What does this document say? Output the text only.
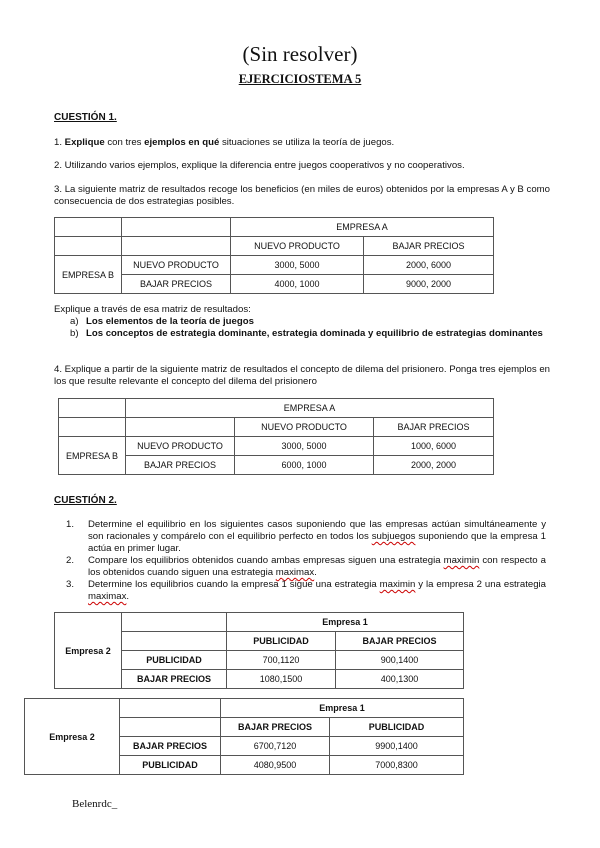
(Sin resolver)
EJERCICIOSTEMA 5
CUESTIÓN 1.
1. Explique con tres ejemplos en qué situaciones se utiliza la teoría de juegos.
2. Utilizando varios ejemplos, explique la diferencia entre juegos cooperativos y no cooperativos.
3. La siguiente matriz de resultados recoge los beneficios (en miles de euros) obtenidos por la empresas A y B como consecuencia de dos estrategias posibles.
		EMPRESA A	
		NUEVO PRODUCTO	BAJAR PRECIOS
EMPRESA B	NUEVO PRODUCTO	3000, 5000	2000, 6000
	BAJAR PRECIOS	4000, 1000	9000, 2000
Explique a través de esa matriz de resultados:
a) Los elementos de la teoría de juegos
b) Los conceptos de estrategia dominante, estrategia dominada y equilibrio de estrategias dominantes
4. Explique a partir de la siguiente matriz de resultados el concepto de dilema del prisionero. Ponga tres ejemplos en los que resulte relevante el concepto del dilema del prisionero
	EMPRESA A		
		NUEVO PRODUCTO	BAJAR PRECIOS
EMPRESA B	NUEVO PRODUCTO	3000, 5000	1000, 6000
	BAJAR PRECIOS	6000, 1000	2000, 2000
CUESTIÓN 2.
1. Determine el equilibrio en los siguientes casos suponiendo que las empresas actúan simultáneamente y son racionales y compárelo con el equilibrio perfecto en todos los subjuegos suponiendo que la empresa 1 actúa en primer lugar.
2. Compare los equilibrios obtenidos cuando ambas empresas siguen una estrategia maximin con respecto a los obtenidos cuando siguen una estrategia maximax.
3. Determine los equilibrios cuando la empresa 1 sigue una estrategia maximin y la empresa 2 una estrategia maximax.
Empresa 2		Empresa 1	
		PUBLICIDAD	BAJAR PRECIOS
	PUBLICIDAD	700,1120	900,1400
	BAJAR PRECIOS	1080,1500	400,1300
Empresa 2		Empresa 1	
		BAJAR PRECIOS	PUBLICIDAD
	BAJAR PRECIOS	6700,7120	9900,1400
	PUBLICIDAD	4080,9500	7000,8300
Belenrdc_
